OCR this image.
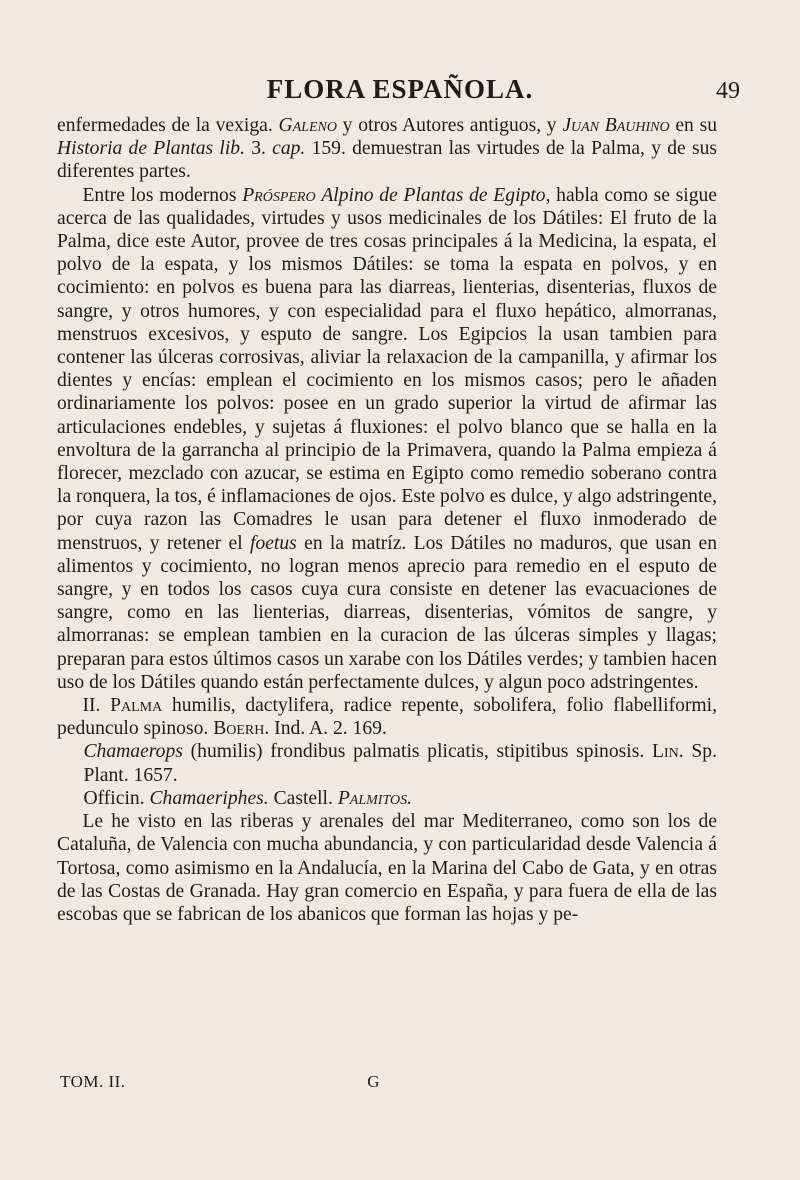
FLORA ESPAÑOLA.	49

enfermedades de la vexiga. Galeno y otros Autores antiguos, y Juan Bauhino en su Historia de Plantas lib. 3. cap. 159. demuestran las virtudes de la Palma, y de sus diferentes partes.

Entre los modernos Próspero Alpino de Plantas de Egipto, habla como se sigue acerca de las qualidades, virtudes y usos medicinales de los Dátiles: El fruto de la Palma, dice este Autor, provee de tres cosas principales á la Medicina, la espata, el polvo de la espata, y los mismos Dátiles: se toma la espata en polvos, y en cocimiento: en polvos es buena para las diarreas, lienterias, disenterias, fluxos de sangre, y otros humores, y con especialidad para el fluxo hepático, almorranas, menstruos excesivos, y esputo de sangre. Los Egipcios la usan tambien para contener las úlceras corrosivas, aliviar la relaxacion de la campanilla, y afirmar los dientes y encías: emplean el cocimiento en los mismos casos; pero le añaden ordinariamente los polvos: posee en un grado superior la virtud de afirmar las articulaciones endebles, y sujetas á fluxiones: el polvo blanco que se halla en la envoltura de la garrancha al principio de la Primavera, quando la Palma empieza á florecer, mezclado con azucar, se estima en Egipto como remedio soberano contra la ronquera, la tos, é inflamaciones de ojos. Este polvo es dulce, y algo adstringente, por cuya razon las Comadres le usan para detener el fluxo inmoderado de menstruos, y retener el foetus en la matríz. Los Dátiles no maduros, que usan en alimentos y cocimiento, no logran menos aprecio para remedio en el esputo de sangre, y en todos los casos cuya cura consiste en detener las evacuaciones de sangre, como en las lienterias, diarreas, disenterias, vómitos de sangre, y almorranas: se emplean tambien en la curacion de las úlceras simples y llagas; preparan para estos últimos casos un xarabe con los Dátiles verdes; y tambien hacen uso de los Dátiles quando están perfectamente dulces, y algun poco adstringentes.

II. Palma humilis, dactylifera, radice repente, sobolifera, folio flabelliformi, pedunculo spinoso. Boerh. Ind. A. 2. 169.

Chamaerops (humilis) frondibus palmatis plicatis, stipitibus spinosis. Lin. Sp. Plant. 1657.

Officin. Chamaeriphes. Castell. Palmitos.

Le he visto en las riberas y arenales del mar Mediterraneo, como son los de Cataluña, de Valencia con mucha abundancia, y con particularidad desde Valencia á Tortosa, como asimismo en la Andalucía, en la Marina del Cabo de Gata, y en otras de las Costas de Granada. Hay gran comercio en España, y para fuera de ella de las escobas que se fabrican de los abanicos que forman las hojas y pe-

TOM. II.	G
